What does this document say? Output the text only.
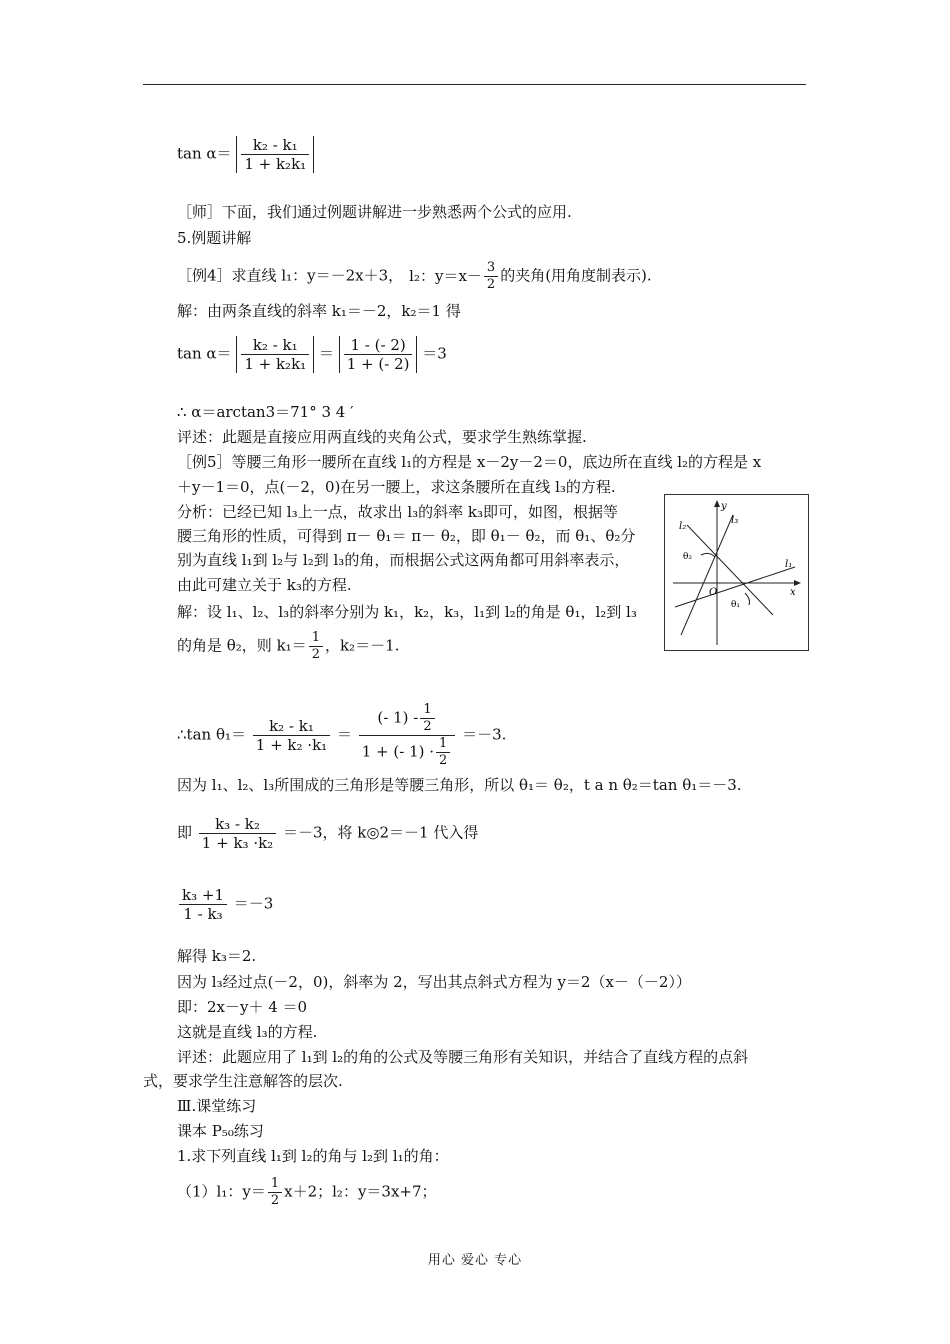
$\tan \alpha= \frac{\text{k₂ - k₁}}{\text{1 + k₂k₁}}$
［师］下面，我们通过例题讲解进一步熟悉两个公式的应用.
5.例题讲解
［例4］求直线 l₁：y＝－2x＋3， l₂：$y=x- \frac{3}{2}$ 的夹角(用角度制表示).
解：由两条直线的斜率 k₁＝－2，k₂＝1 得
$\tan \alpha= \frac{\text{k₂ - k₁}}{\text{1 + k₂k₁}} = \frac{1 - (- 2)}{1 + (- 2)} =3$
∴ α＝arctan3＝71° 3 4 ′
评述：此题是直接应用两直线的夹角公式，要求学生熟练掌握.
［例5］等腰三角形一腰所在直线 l₁的方程是 x－2y－2＝0，底边所在直线 l₂的方程是 x
＋y－1＝0，点(－2，0)在另一腰上，求这条腰所在直线 l₃的方程.
分析：已经已知 l₃上一点，故求出 l₃的斜率 k₃即可，如图，根据等
腰三角形的性质，可得到 π－ θ₁＝ π－ θ₂，即 θ₁－ θ₂，而 θ₁、θ₂分
别为直线 l₁到 l₂与 l₂到 l₃的角，而根据公式这两角都可用斜率表示，
由此可建立关于 k₃的方程.
解：设 l₁、l₂、l₃的斜率分别为 k₁，k₂，k₃，l₁到 l₂的角是 θ₁，l₂到 l₃
的角是 θ₂，则 $k_1= \frac{1}{2}$ ，k₂＝－1.
y
x
l₃
l₂
l₁
O
θ₂
θ₁
∴tan $\theta_1= \frac{\text{k₂ - k₁}}{\text{1 + k₂ ·k₁}} = \frac{(- 1) - \frac{1}{2}}{1 + (- 1) \cdot \frac{1}{2}} =-3$.
因为 l₁、l₂、l₃所围成的三角形是等腰三角形，所以 θ₁＝ θ₂，t a n θ₂＝tan θ₁＝－3.
即 $\frac{\text{k₃ - k₂}}{\text{1 + k₃ ·k₂}} =-3$，将 k◎2＝－1 代入得
$\frac{\text{k₃ +1}}{\text{1 - k₃}} =-3$
解得 k₃＝2.
因为 l₃经过点(－2，0)，斜率为 2，写出其点斜式方程为 y＝2（x－（－2））
即：2x－y＋ 4 ＝0
这就是直线 l₃的方程.
评述：此题应用了 l₁到 l₂的角的公式及等腰三角形有关知识，并结合了直线方程的点斜
式，要求学生注意解答的层次.
Ⅲ.课堂练习
课本 P₅₀练习
1.求下列直线 l₁到 l₂的角与 l₂到 l₁的角：
（1）l₁：$y= \frac{1}{2} x+2$；l₂：y＝3x+7；
用心 爱心 专心
